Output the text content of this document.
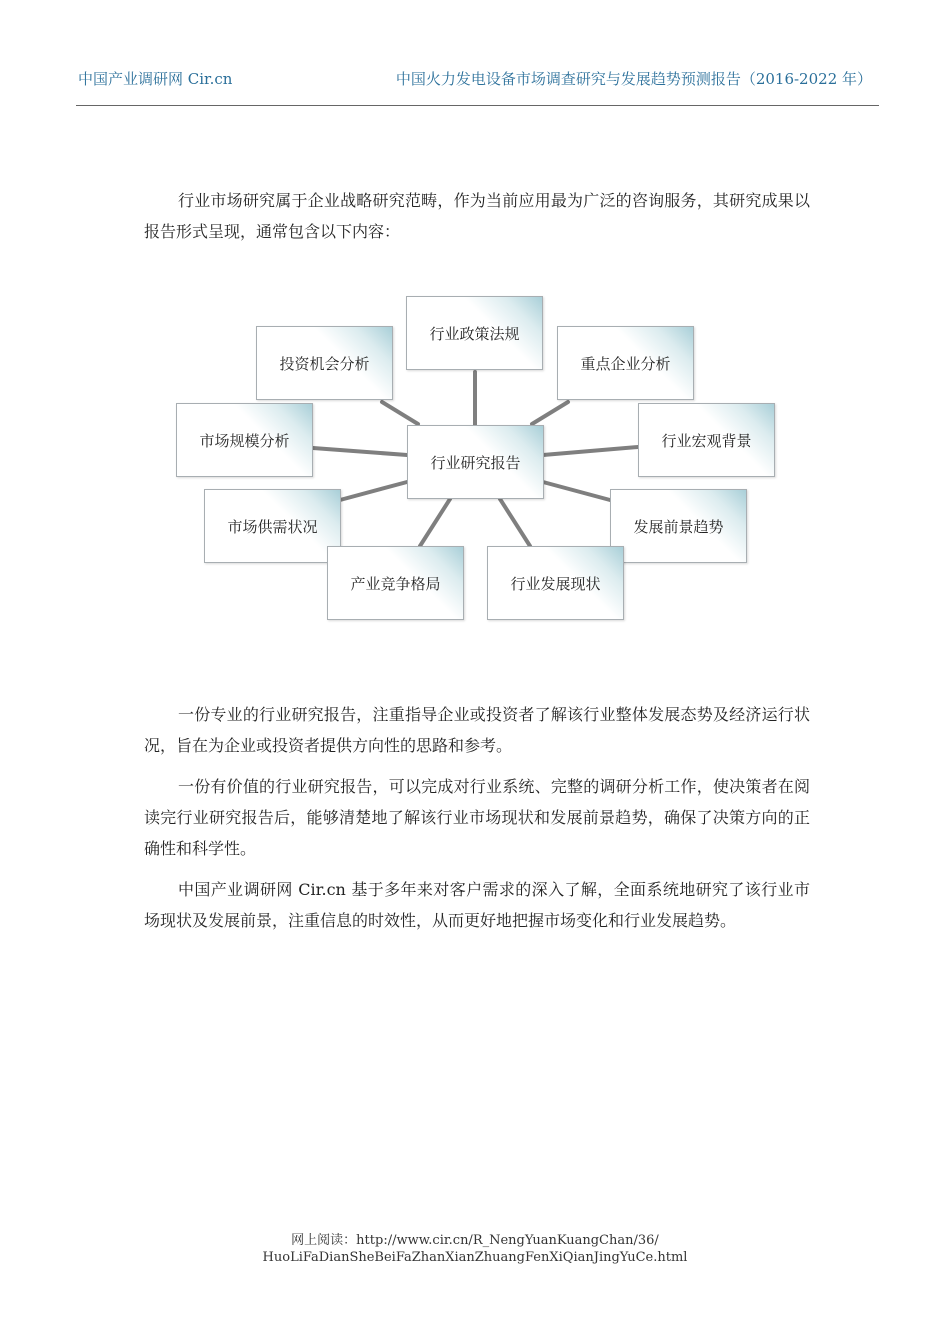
中国产业调研网 Cir.cn	中国火力发电设备市场调查研究与发展趋势预测报告（2016-2022 年）

行业市场研究属于企业战略研究范畴，作为当前应用最为广泛的咨询服务，其研究成果以报告形式呈现，通常包含以下内容：

行业政策法规
投资机会分析	重点企业分析
市场规模分析	行业宏观背景
行业研究报告
市场供需状况	发展前景趋势
产业竞争格局	行业发展现状

一份专业的行业研究报告，注重指导企业或投资者了解该行业整体发展态势及经济运行状况，旨在为企业或投资者提供方向性的思路和参考。

一份有价值的行业研究报告，可以完成对行业系统、完整的调研分析工作，使决策者在阅读完行业研究报告后，能够清楚地了解该行业市场现状和发展前景趋势，确保了决策方向的正确性和科学性。

中国产业调研网 Cir.cn 基于多年来对客户需求的深入了解，全面系统地研究了该行业市场现状及发展前景，注重信息的时效性，从而更好地把握市场变化和行业发展趋势。

网上阅读：http://www.cir.cn/R_NengYuanKuangChan/36/
HuoLiFaDianSheBeiFaZhanXianZhuangFenXiQianJingYuCe.html
